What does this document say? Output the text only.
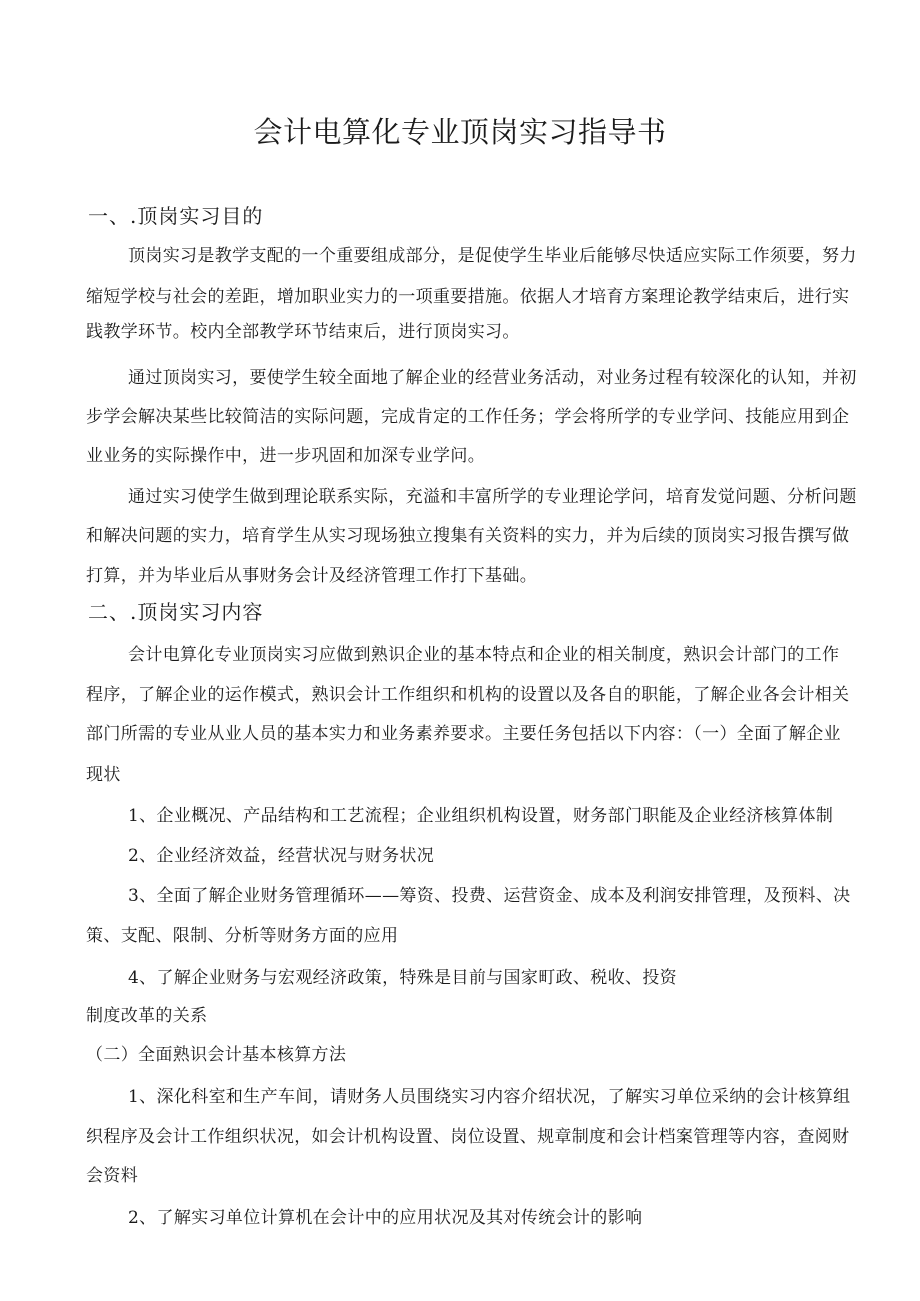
会计电算化专业顶岗实习指导书
一、.顶岗实习目的
顶岗实习是教学支配的一个重要组成部分，是促使学生毕业后能够尽快适应实际工作须要，努力
缩短学校与社会的差距，增加职业实力的一项重要措施。依据人才培育方案理论教学结束后，进行实
践教学环节。校内全部教学环节结束后，进行顶岗实习。
通过顶岗实习，要使学生较全面地了解企业的经营业务活动，对业务过程有较深化的认知，并初
步学会解决某些比较简洁的实际问题，完成肯定的工作任务；学会将所学的专业学问、技能应用到企
业业务的实际操作中，进一步巩固和加深专业学问。
通过实习使学生做到理论联系实际，充溢和丰富所学的专业理论学问，培育发觉问题、分析问题
和解决问题的实力，培育学生从实习现场独立搜集有关资料的实力，并为后续的顶岗实习报告撰写做
打算，并为毕业后从事财务会计及经济管理工作打下基础。
二、.顶岗实习内容
会计电算化专业顶岗实习应做到熟识企业的基本特点和企业的相关制度，熟识会计部门的工作
程序，了解企业的运作模式，熟识会计工作组织和机构的设置以及各自的职能，了解企业各会计相关
部门所需的专业从业人员的基本实力和业务素养要求。主要任务包括以下内容：（一）全面了解企业
现状
1、企业概况、产品结构和工艺流程；企业组织机构设置，财务部门职能及企业经济核算体制
2、企业经济效益，经营状况与财务状况
3、全面了解企业财务管理循环——筹资、投费、运营资金、成本及利润安排管理，及预料、决
策、支配、限制、分析等财务方面的应用
4、了解企业财务与宏观经济政策，特殊是目前与国家町政、税收、投资
制度改革的关系
（二）全面熟识会计基本核算方法
1、深化科室和生产车间，请财务人员围绕实习内容介绍状况，了解实习单位采纳的会计核算组
织程序及会计工作组织状况，如会计机构设置、岗位设置、规章制度和会计档案管理等内容，查阅财
会资料
2、了解实习单位计算机在会计中的应用状况及其对传统会计的影响
